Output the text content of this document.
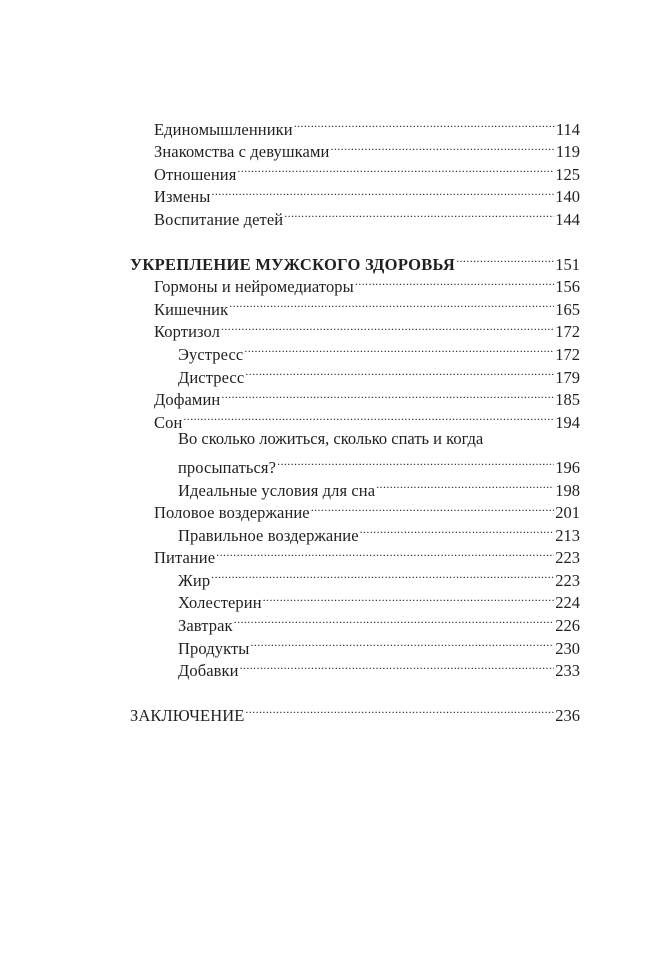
Единомышленники .....	114
Знакомства с девушками .....	119
Отношения .....	125
Измены .....	140
Воспитание детей .....	144
УКРЕПЛЕНИЕ МУЖСКОГО ЗДОРОВЬЯ .....	151
Гормоны и нейромедиаторы .....	156
Кишечник .....	165
Кортизол .....	172
Эустресс .....	172
Дистресс .....	179
Дофамин .....	185
Сон .....	194
Во сколько ложиться, сколько спать и когда
просыпаться? .....	196
Идеальные условия для сна .....	198
Половое воздержание .....	201
Правильное воздержание .....	213
Питание .....	223
Жир .....	223
Холестерин .....	224
Завтрак .....	226
Продукты .....	230
Добавки .....	233
ЗАКЛЮЧЕНИЕ .....	236
